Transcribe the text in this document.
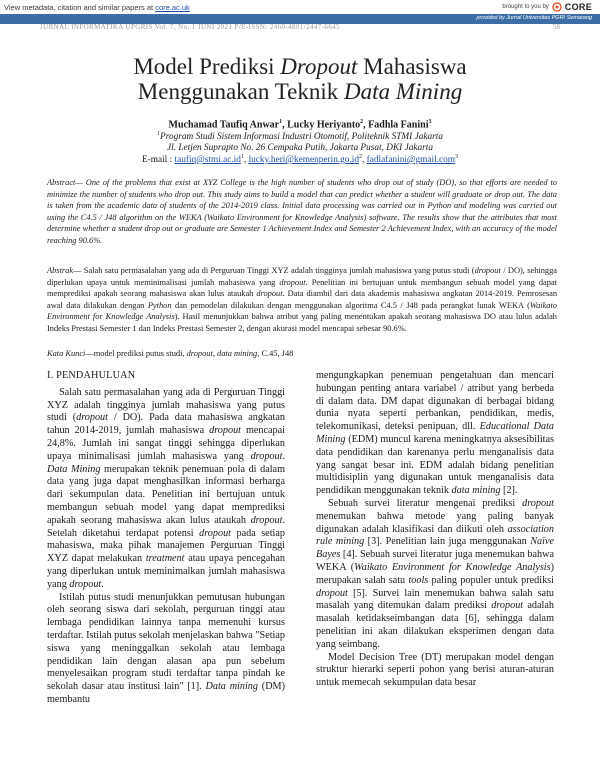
View metadata, citation and similar papers at core.ac.uk	brought to you by CORE
provided by Jurnal Universitas PGRI Semarang
JURNAL INFORMATIKA UPGRIS Vol. 7, No. 1 JUNI 2021 P/E-ISSN: 2460-4801/2447-6645	58
Model Prediksi Dropout Mahasiswa
Menggunakan Teknik Data Mining
Muchamad Taufiq Anwar$^1$, Lucky Heriyanto$^2$, Fadhla Fanini$^3$
$^1$Program Studi Sistem Informasi Industri Otomotif, Politeknik STMI Jakarta
Jl. Letjen Suprapto No. 26 Cempaka Putih, Jakarta Pusat, DKI Jakarta
E-mail : $taufiq@stmi.ac.id^1$, $lucky.heri@kemenperin.go.id^2$, fadlafanini@gmail.com$^3$
Abstract— One of the problems that exist at XYZ College is the high number of students who drop out of study (DO), so that efforts are needed to minimize the number of students who drop out. This study aims to build a model that can predict whether a student will graduate or drop out. The data is taken from the academic data of students of the 2014-2019 class. Initial data processing was carried out in Python and modeling was carried out using the C4.5 / J48 algorithm on the WEKA (Waikato Environment for Knowledge Analysis) software. The results show that the attributes that most determine whether a student drop out or graduate are Semester 1 Achievement Index and Semester 2 Achievement Index, with an accuracy of the model reaching 90.6%.
Abstrak— Salah satu permasalahan yang ada di Perguruan Tinggi XYZ adalah tingginya jumlah mahasiswa yang putus studi (dropout / DO), sehingga diperlukan upaya untuk meminimalisasi jumlah mahasiswa yang dropout. Penelitian ini bertujuan untuk membangun sebuah model yang dapat memprediksi apakah seorang mahasiswa akan lulus ataukah dropout. Data diambil dari data akademis mahasiswa angkatan 2014-2019. Pemrosesan awal data dilakukan dengan Python dan pemodelan dilakukan dengan menggunakan algoritma C4.5 / J48 pada perangkat lunak WEKA (Waikato Environment for Knowledge Analysis). Hasil menunjukkan bahwa atribut yang paling menentukan apakah seorang mahasiswa DO atau lulus adalah Indeks Prestasi Semester 1 dan Indeks Prestasi Semester 2, dengan akurasi model mencapai sebesar 90.6%.
Kata Kunci—model prediksi putus studi, dropout, data mining, C.45, J48
I. PENDAHULUAN

Salah satu permasalahan yang ada di Perguruan Tinggi XYZ adalah tingginya jumlah mahasiswa yang putus studi (dropout / DO). Pada data mahasiswa angkatan tahun 2014-2019, jumlah mahasiswa dropout mencapai 24,8%. Jumlah ini sangat tinggi sehingga diperlukan upaya minimalisasi jumlah mahasiswa yang dropout. Data Mining merupakan teknik penemuan pola di dalam data yang juga dapat menghasilkan informasi berharga dari sekumpulan data. Penelitian ini bertujuan untuk membangun sebuah model yang dapat memprediksi apakah seorang mahasiswa akan lulus ataukah dropout. Setelah diketahui terdapat potensi dropout pada setiap mahasiswa, maka pihak manajemen Perguruan Tinggi XYZ dapat melakukan treatment atau upaya pencegahan yang diperlukan untuk meminimalkan jumlah mahasiswa yang dropout.

Istilah putus studi menunjukkan pemutusan hubungan oleh seorang siswa dari sekolah, perguruan tinggi atau lembaga pendidikan lainnya tanpa memenuhi kursus terdaftar. Istilah putus sekolah menjelaskan bahwa "Setiap siswa yang meninggalkan sekolah atau lembaga pendidikan lain dengan alasan apa pun sebelum menyelesaikan program studi terdaftar tanpa pindah ke sekolah dasar atau institusi lain" [1]. Data mining (DM) membantu

mengungkapkan penemuan pengetahuan dan mencari hubungan penting antara variabel / atribut yang berbeda di dalam data. DM dapat digunakan di berbagai bidang dunia nyata seperti perbankan, pendidikan, medis, telekomunikasi, deteksi penipuan, dll. Educational Data Mining (EDM) muncul karena meningkatnya aksesibilitas data pendidikan dan karenanya perlu menganalisis data yang sangat besar ini. EDM adalah bidang penelitian multidisiplin yang digunakan untuk menganalisis data pendidikan menggunakan teknik data mining [2].

Sebuah survei literatur mengenai prediksi dropout menemukan bahwa metode yang paling banyak digunakan adalah klasifikasi dan diikuti oleh association rule mining [3]. Penelitian lain juga menggunakan Naïve Bayes [4]. Sebuah survei literatur juga menemukan bahwa WEKA (Waikato Environment for Knowledge Analysis) merupakan salah satu tools paling populer untuk prediksi dropout [5]. Survei lain menemukan bahwa salah satu masalah yang ditemukan dalam prediksi dropout adalah masalah ketidakseimbangan data [6], sehingga dalam penelitian ini akan dilakukan eksperimen dengan data yang seimbang.

Model Decision Tree (DT) merupakan model dengan struktur hierarki seperti pohon yang berisi aturan-aturan untuk memecah sekumpulan data besar
